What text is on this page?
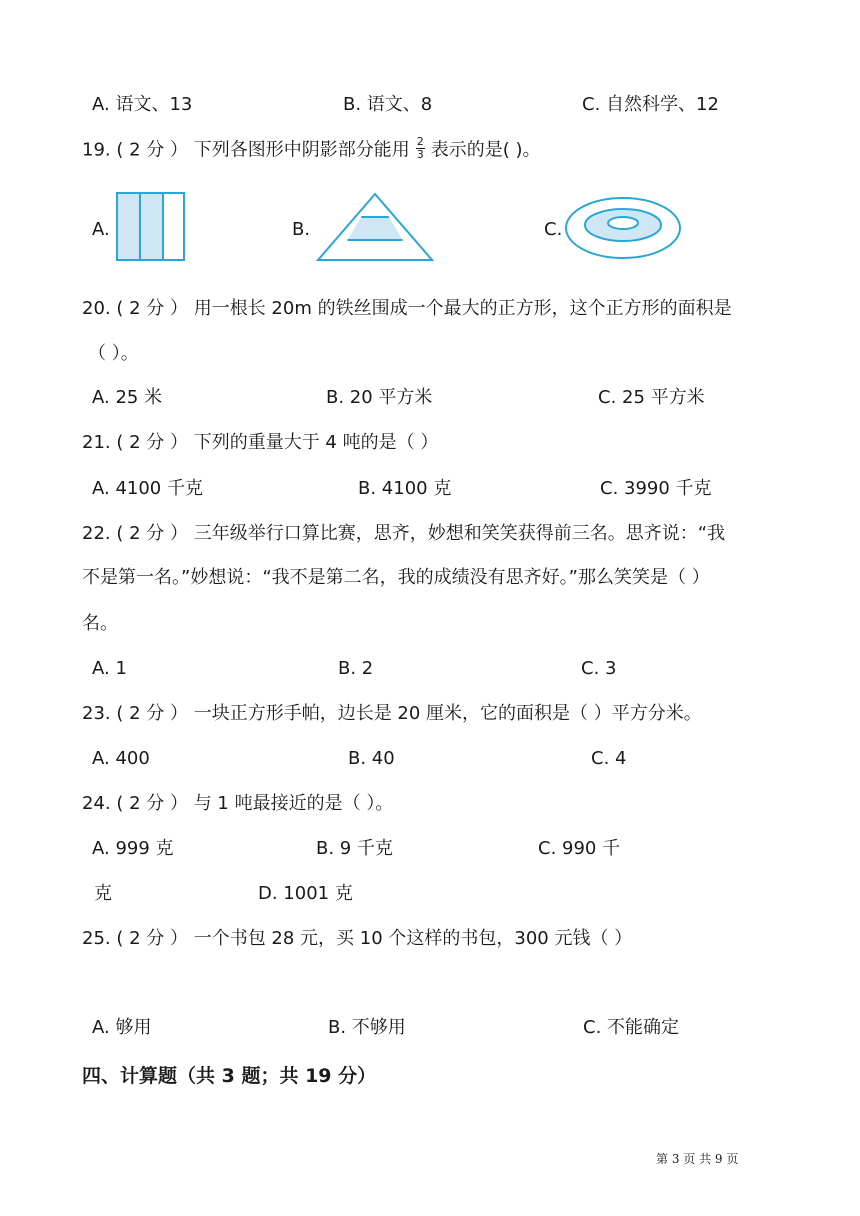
A. 语文、13	B. 语文、8	C. 自然科学、12
19. ( 2 分 ） 下列各图形中阴影部分能用 $\frac{2}{3}$ 表示的是( )。
A.	B.	C.
20. ( 2 分 ） 用一根长 20m 的铁丝围成一个最大的正方形，这个正方形的面积是
（ ）。
A. 25 米	B. 20 平方米	C. 25 平方米
21. ( 2 分 ） 下列的重量大于 4 吨的是（ ）
A. 4100 千克	B. 4100 克	C. 3990 千克
22. ( 2 分 ） 三年级举行口算比赛，思齐，妙想和笑笑获得前三名。思齐说：“我
不是第一名。”妙想说：“我不是第二名，我的成绩没有思齐好。”那么笑笑是（ ）
名。
A. 1	B. 2	C. 3
23. ( 2 分 ） 一块正方形手帕，边长是 20 厘米，它的面积是（ ）平方分米。
A. 400	B. 40	C. 4
24. ( 2 分 ） 与 1 吨最接近的是（ ）。
A. 999 克	B. 9 千克	C. 990 千
克	D. 1001 克
25. ( 2 分 ） 一个书包 28 元，买 10 个这样的书包，300 元钱（ ）
A. 够用	B. 不够用	C. 不能确定
四、计算题（共 3 题；共 19 分）
第 3 页 共 9 页
